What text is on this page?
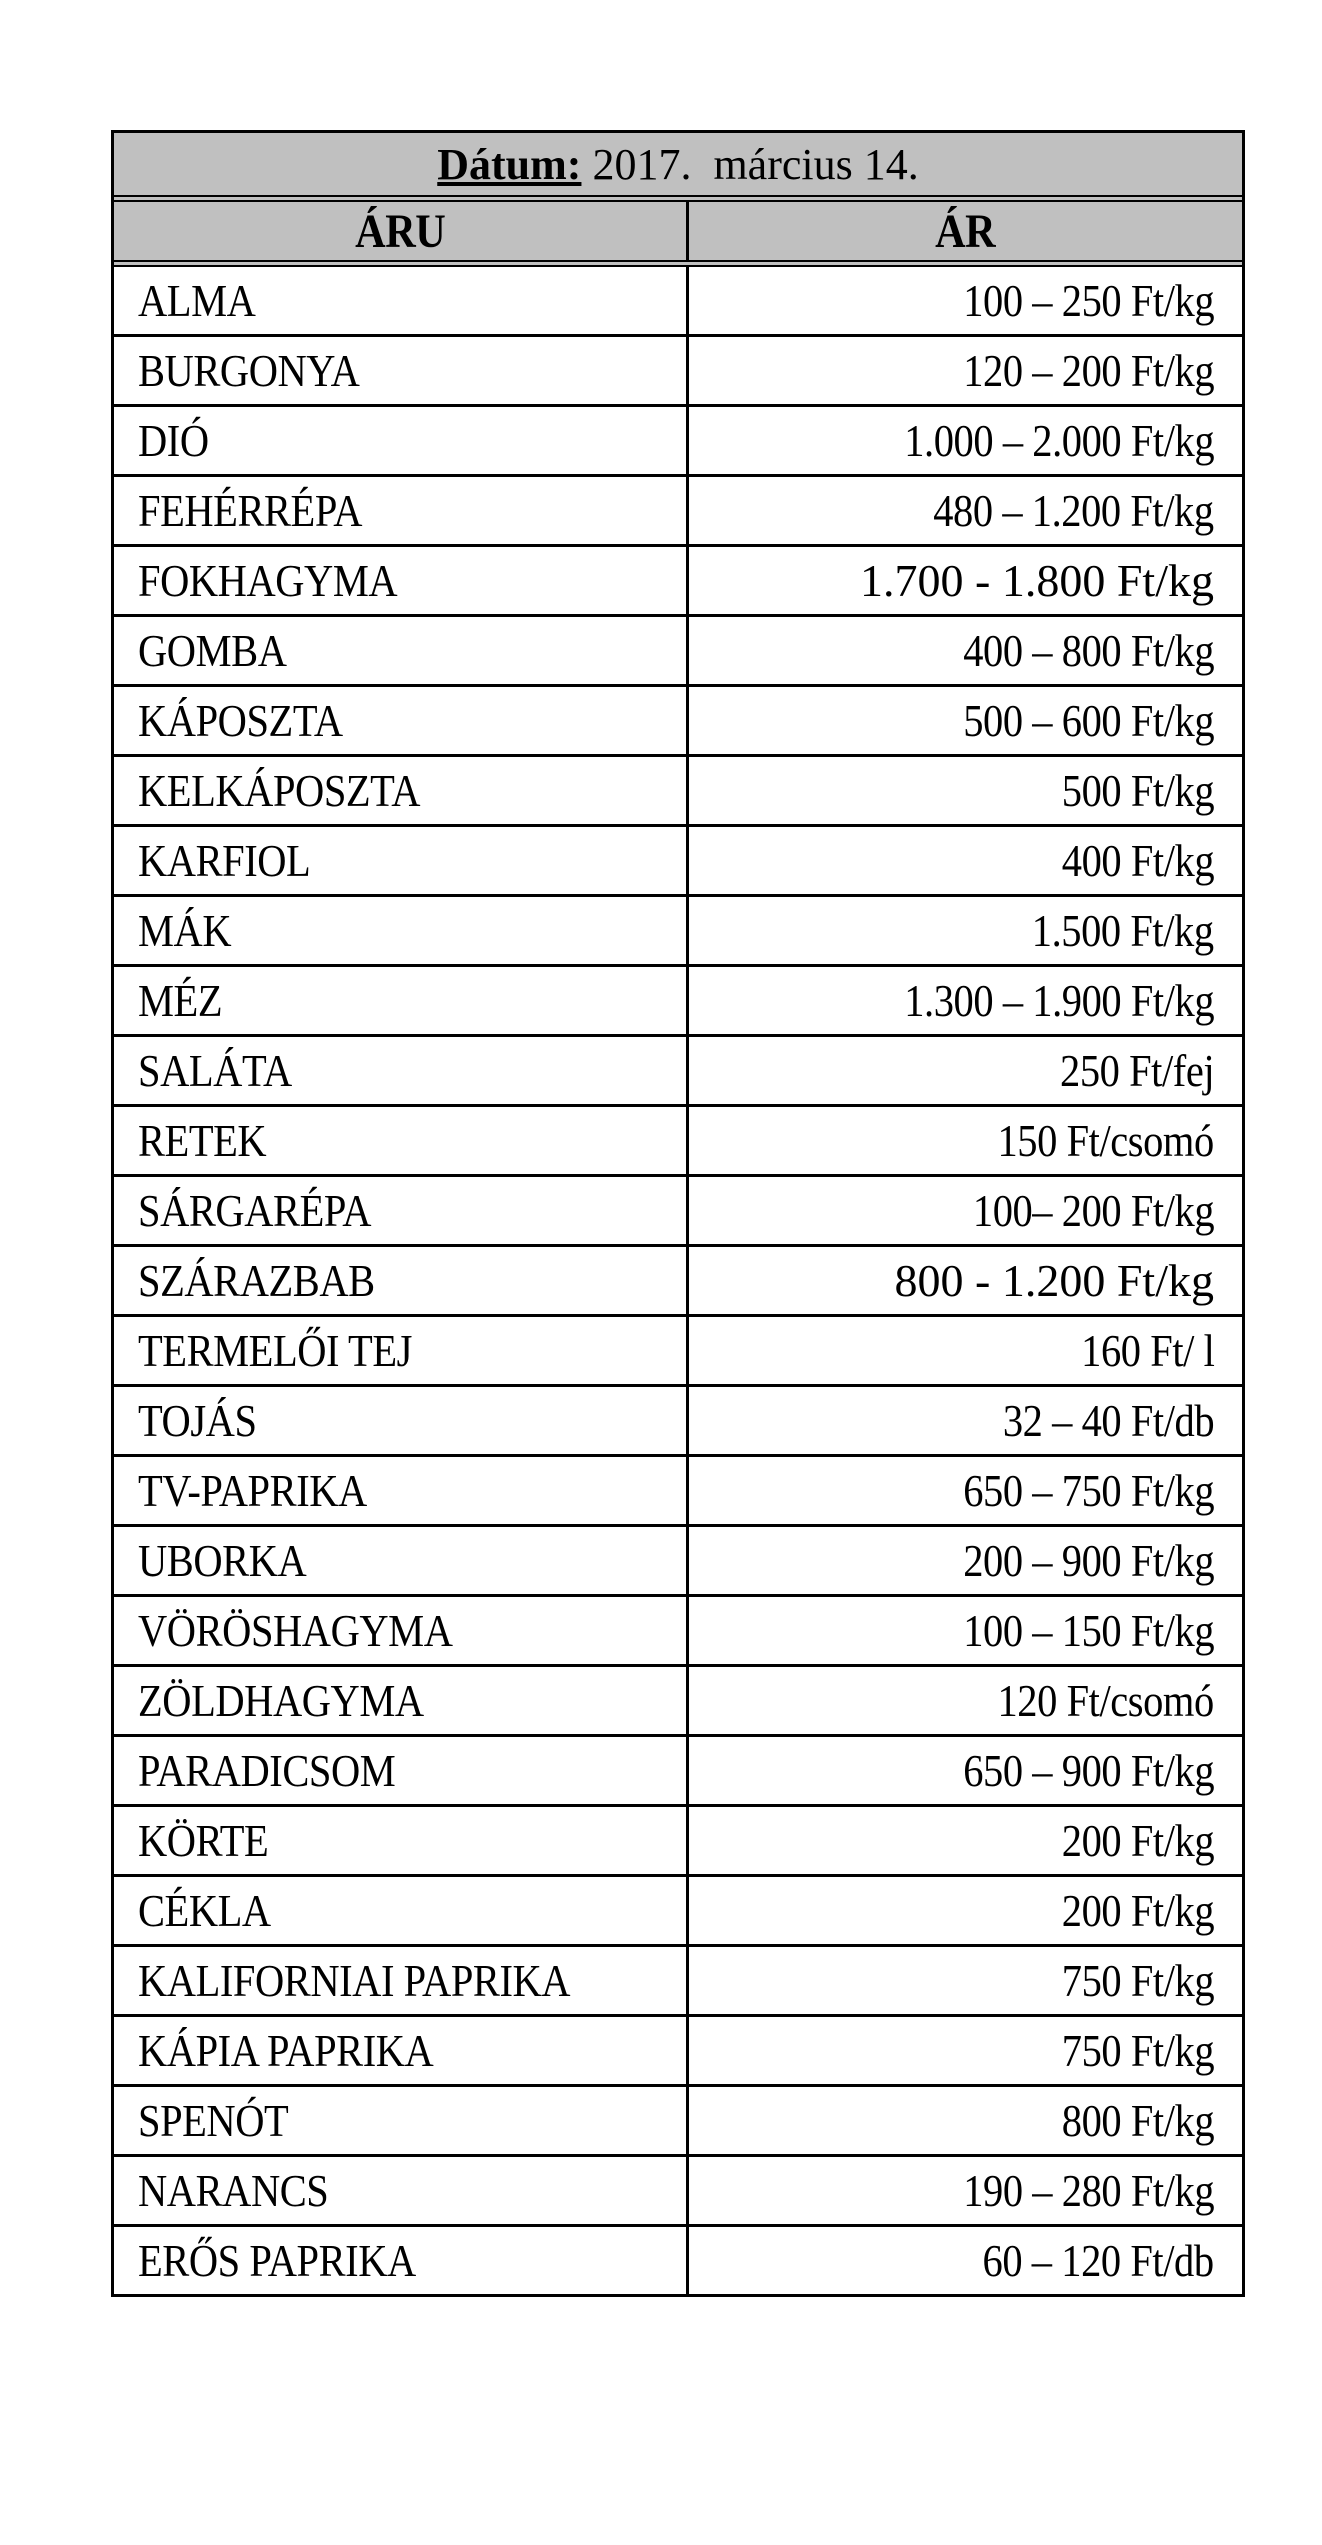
Dátum: 2017.  március 14.
ÁRU	ÁR
ALMA	100 – 250 Ft/kg
BURGONYA	120 – 200 Ft/kg
DIÓ	1.000 – 2.000 Ft/kg
FEHÉRRÉPA	480 – 1.200 Ft/kg
FOKHAGYMA	1.700 - 1.800 Ft/kg
GOMBA	400 – 800 Ft/kg
KÁPOSZTA	500 – 600 Ft/kg
KELKÁPOSZTA	500 Ft/kg
KARFIOL	400 Ft/kg
MÁK	1.500 Ft/kg
MÉZ	1.300 – 1.900 Ft/kg
SALÁTA	250 Ft/fej
RETEK	150 Ft/csomó
SÁRGARÉPA	100– 200 Ft/kg
SZÁRAZBAB	800 - 1.200 Ft/kg
TERMELŐI TEJ	160 Ft/ l
TOJÁS	32 – 40 Ft/db
TV-PAPRIKA	650 – 750 Ft/kg
UBORKA	200 – 900 Ft/kg
VÖRÖSHAGYMA	100 – 150 Ft/kg
ZÖLDHAGYMA	120 Ft/csomó
PARADICSOM	650 – 900 Ft/kg
KÖRTE	200 Ft/kg
CÉKLA	200 Ft/kg
KALIFORNIAI PAPRIKA	750 Ft/kg
KÁPIA PAPRIKA	750 Ft/kg
SPENÓT	800 Ft/kg
NARANCS	190 – 280 Ft/kg
ERŐS PAPRIKA	60 – 120 Ft/db
